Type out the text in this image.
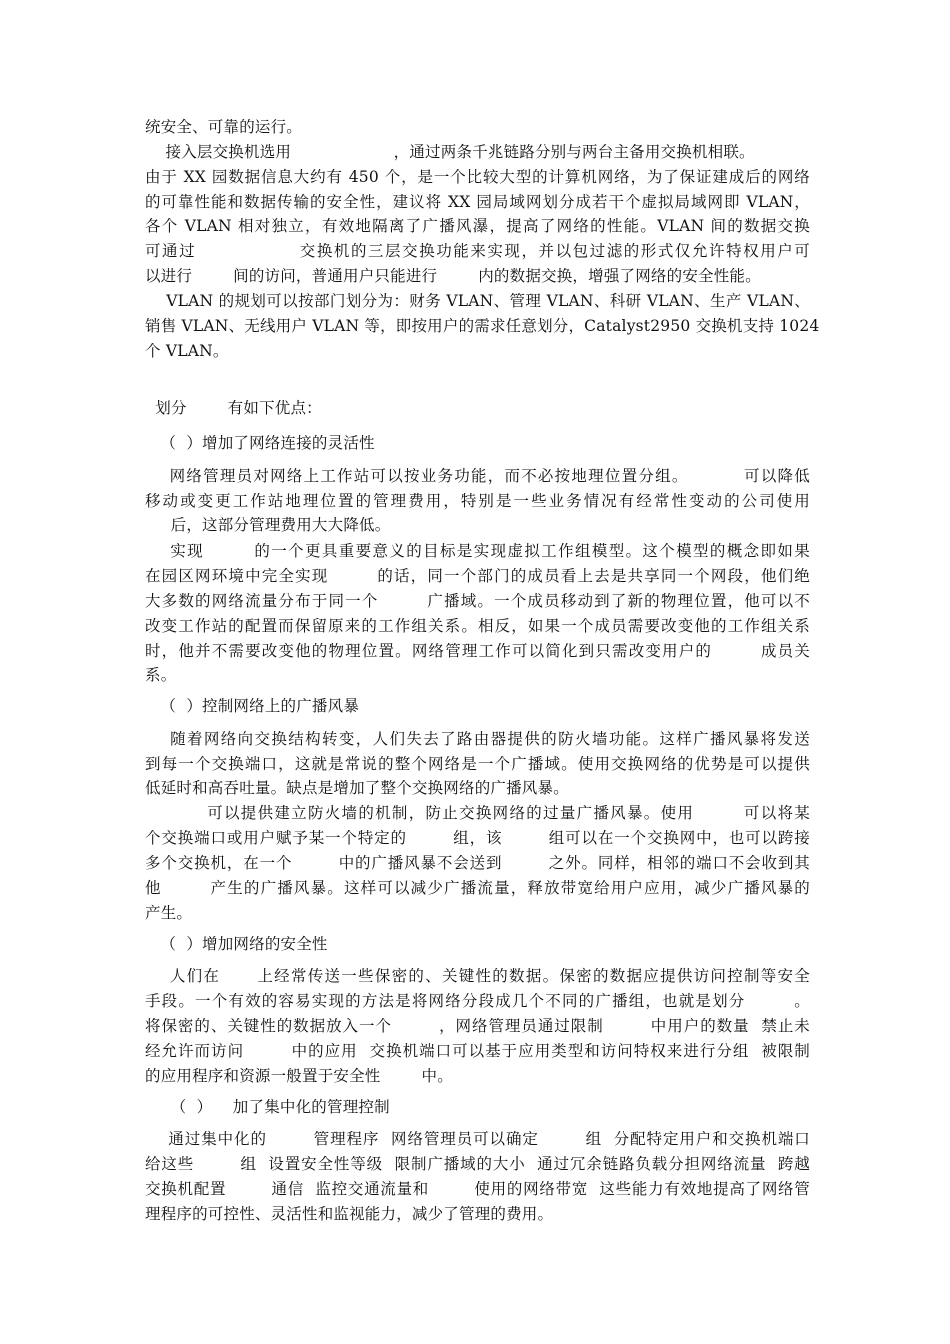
统安全、可靠的运行。
接入层交换机选用                    ，通过两条千兆链路分别与两台主备用交换机相联。
由于 XX 园数据信息大约有 450 个，是一个比较大型的计算机网络，为了保证建成后的网络
的可靠性能和数据传输的安全性，建议将 XX 园局域网划分成若干个虚拟局域网即 VLAN，
各个 VLAN 相对独立，有效地隔离了广播风瀑，提高了网络的性能。VLAN 间的数据交换
可通过                交换机的三层交换功能来实现，并以包过滤的形式仅允许特权用户可
以进行        间的访问，普通用户只能进行        内的数据交换，增强了网络的安全性能。
VLAN 的规划可以按部门划分为：财务 VLAN、管理 VLAN、科研 VLAN、生产 VLAN、
销售 VLAN、无线用户 VLAN 等，即按用户的需求任意划分，Catalyst2950 交换机支持 1024
个 VLAN。
划分        有如下优点：
（  ）增加了网络连接的灵活性
网络管理员对网络上工作站可以按业务功能，而不必按地理位置分组。         可以降低
移动或变更工作站地理位置的管理费用，特别是一些业务情况有经常性变动的公司使用
后，这部分管理费用大大降低。
实现        的一个更具重要意义的目标是实现虚拟工作组模型。这个模型的概念即如果
在园区网环境中完全实现        的话，同一个部门的成员看上去是共享同一个网段，他们绝
大多数的网络流量分布于同一个        广播域。一个成员移动到了新的物理位置，他可以不
改变工作站的配置而保留原来的工作组关系。相反，如果一个成员需要改变他的工作组关系
时，他并不需要改变他的物理位置。网络管理工作可以简化到只需改变用户的        成员关
系。
（  ）控制网络上的广播风暴
随着网络向交换结构转变，人们失去了路由器提供的防火墙功能。这样广播风暴将发送
到每一个交换端口，这就是常说的整个网络是一个广播域。使用交换网络的优势是可以提供
低延时和高吞吐量。缺点是增加了整个交换网络的广播风暴。
可以提供建立防火墙的机制，防止交换网络的过量广播风暴。使用        可以将某
个交换端口或用户赋予某一个特定的        组，该        组可以在一个交换网中，也可以跨接
多个交换机，在一个        中的广播风暴不会送到        之外。同样，相邻的端口不会收到其
他        产生的广播风暴。这样可以减少广播流量，释放带宽给用户应用，减少广播风暴的
产生。
（  ）增加网络的安全性
人们在      上经常传送一些保密的、关键性的数据。保密的数据应提供访问控制等安全
手段。一个有效的容易实现的方法是将网络分段成几个不同的广播组，也就是划分        。
将保密的、关键性的数据放入一个        ，网络管理员通过限制        中用户的数量  禁止未
经允许而访问        中的应用  交换机端口可以基于应用类型和访问特权来进行分组  被限制
的应用程序和资源一般置于安全性        中。
（  ）    加了集中化的管理控制
通过集中化的        管理程序  网络管理员可以确定        组  分配特定用户和交换机端口
给这些        组  设置安全性等级  限制广播域的大小  通过冗余链路负载分担网络流量  跨越
交换机配置        通信  监控交通流量和        使用的网络带宽  这些能力有效地提高了网络管
理程序的可控性、灵活性和监视能力，减少了管理的费用。
